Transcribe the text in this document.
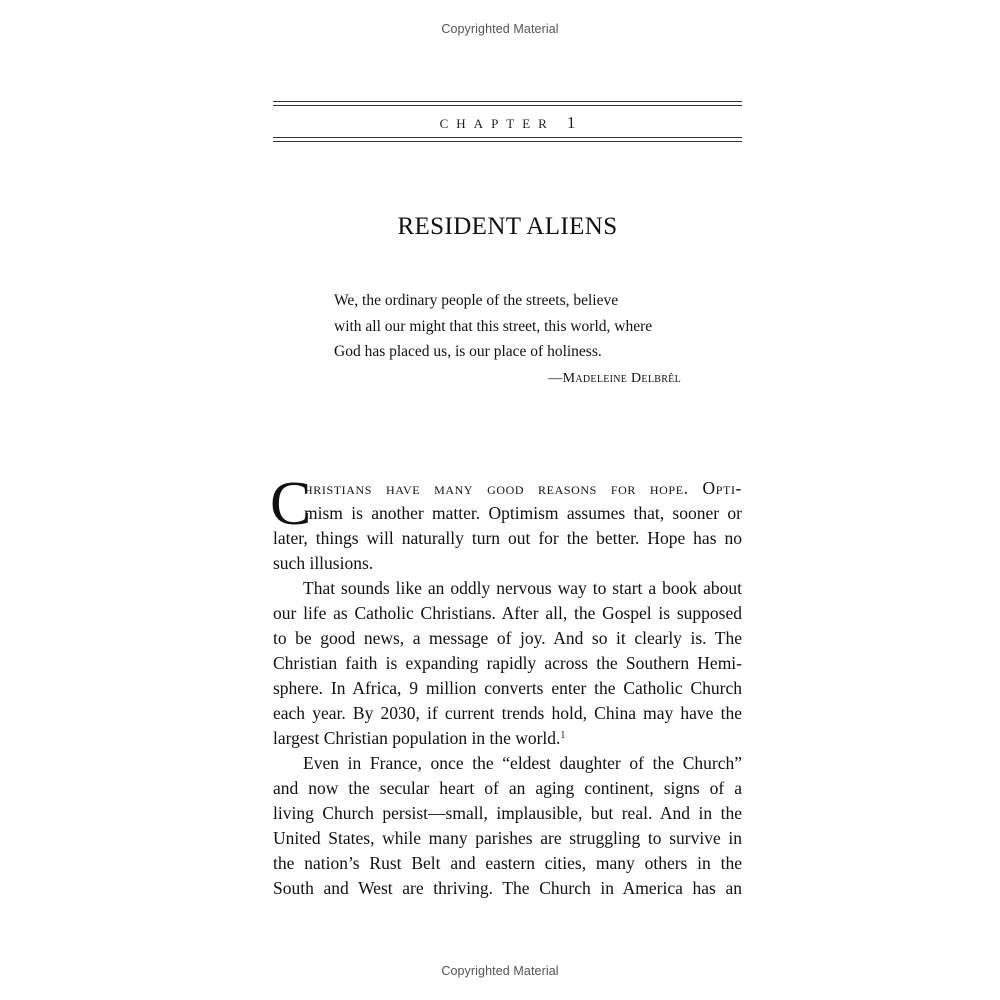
Copyrighted Material
CHAPTER 1
RESIDENT ALIENS
We, the ordinary people of the streets, believe
with all our might that this street, this world, where
God has placed us, is our place of holiness.
—Madeleine Delbrêl
C
hristians have many good reasons for hope. Opti-
mism is another matter. Optimism assumes that, sooner or
later, things will naturally turn out for the better. Hope has no
such illusions.
That sounds like an oddly nervous way to start a book about
our life as Catholic Christians. After all, the Gospel is supposed
to be good news, a message of joy. And so it clearly is. The
Christian faith is expanding rapidly across the Southern Hemi-
sphere. In Africa, 9 million converts enter the Catholic Church
each year. By 2030, if current trends hold, China may have the
largest Christian population in the world.$^1$
Even in France, once the “eldest daughter of the Church”
and now the secular heart of an aging continent, signs of a
living Church persist—small, implausible, but real. And in the
United States, while many parishes are struggling to survive in
the nation’s Rust Belt and eastern cities, many others in the
South and West are thriving. The Church in America has an
Copyrighted Material
